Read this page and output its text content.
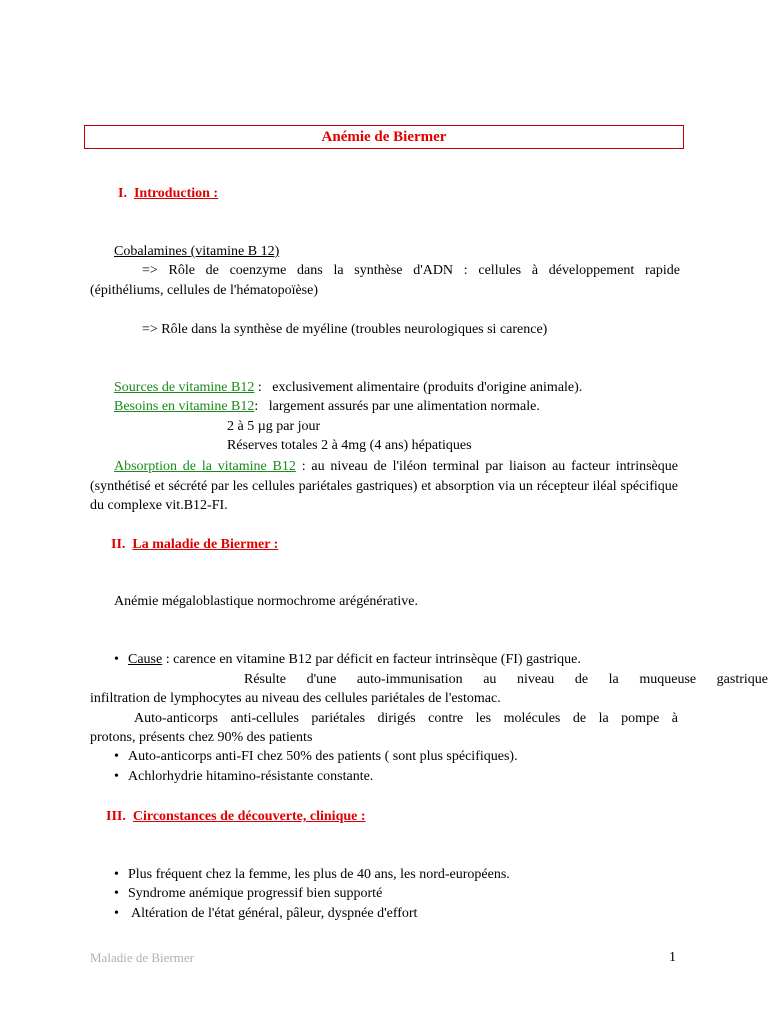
Anémie de Biermer
I. Introduction :
Cobalamines (vitamine B 12)
=> Rôle de coenzyme dans la synthèse d'ADN : cellules à développement rapide
(épithéliums, cellules de l'hématopoïèse)
=> Rôle dans la synthèse de myéline (troubles neurologiques si carence)
Sources de vitamine B12 :   exclusivement alimentaire (produits d'origine animale).
Besoins en vitamine B12:   largement assurés par une alimentation normale.
2 à 5 µg par jour
Réserves totales 2 à 4mg (4 ans) hépatiques
Absorption de la vitamine B12 : au niveau de l'iléon terminal par liaison au facteur intrinsèque (synthétisé et sécrété par les cellules pariétales gastriques) et absorption via un récepteur iléal spécifique du complexe vit.B12-FI.
II. La maladie de Biermer :
Anémie mégaloblastique normochrome arégénérative.
• Cause : carence en vitamine B12 par déficit en facteur intrinsèque (FI) gastrique.
Résulte d'une auto-immunisation au niveau de la muqueuse gastrique
infiltration de lymphocytes au niveau des cellules pariétales de l'estomac.
Auto-anticorps anti-cellules pariétales dirigés contre les molécules de la pompe à
protons, présents chez 90% des patients
• Auto-anticorps anti-FI chez 50% des patients ( sont plus spécifiques).
• Achlorhydrie hitamino-résistante constante.
III. Circonstances de découverte, clinique :
• Plus fréquent chez la femme, les plus de 40 ans, les nord-européens.
• Syndrome anémique progressif bien supporté
• Altération de l'état général, pâleur, dyspnée d'effort
Maladie de Biermer	1
